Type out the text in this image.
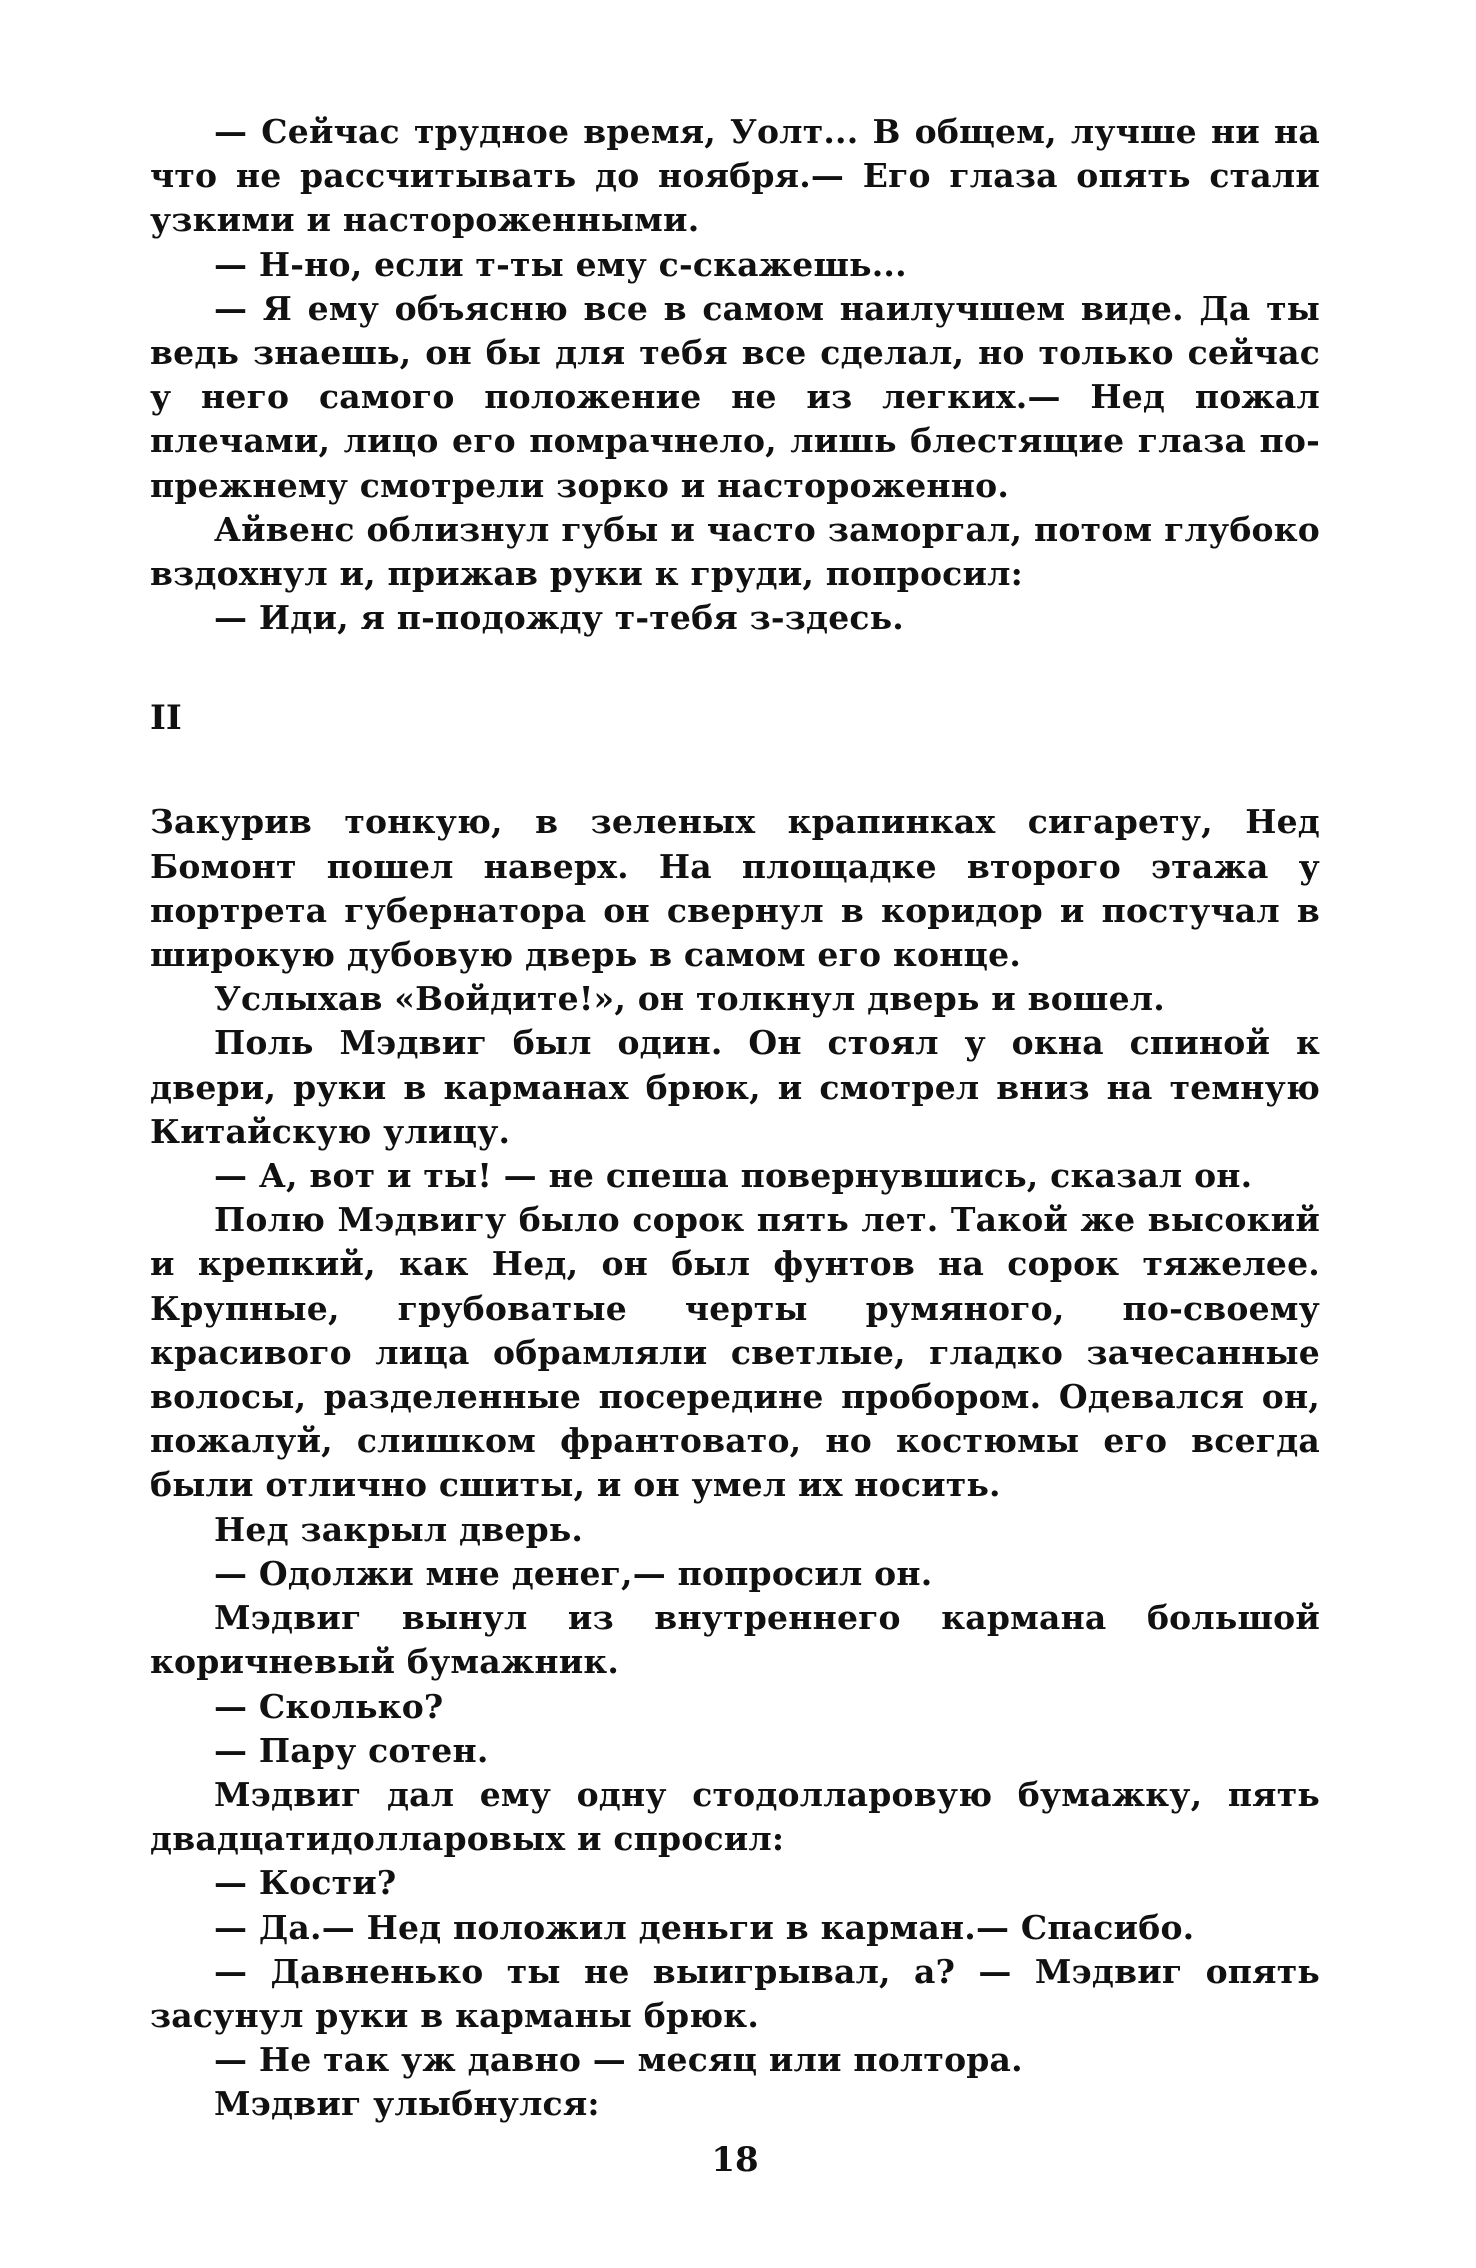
— Сейчас трудное время, Уолт... В общем, лучше ни на что не рассчитывать до ноября.— Его глаза опять стали узкими и настороженными.

— Н-но, если т-ты ему с-скажешь...

— Я ему объясню все в самом наилучшем виде. Да ты ведь знаешь, он бы для тебя все сделал, но только сейчас у него самого положение не из легких.— Нед пожал плечами, лицо его помрачнело, лишь блестящие глаза по-прежнему смотрели зорко и настороженно.

Айвенс облизнул губы и часто заморгал, потом глубоко вздохнул и, прижав руки к груди, попросил:

— Иди, я п-подожду т-тебя з-здесь.

II

Закурив тонкую, в зеленых крапинках сигарету, Нед Бомонт пошел наверх. На площадке второго этажа у портрета губернатора он свернул в коридор и постучал в широкую дубовую дверь в самом его конце.

Услыхав «Войдите!», он толкнул дверь и вошел.

Поль Мэдвиг был один. Он стоял у окна спиной к двери, руки в карманах брюк, и смотрел вниз на темную Китайскую улицу.

— А, вот и ты! — не спеша повернувшись, сказал он.

Полю Мэдвигу было сорок пять лет. Такой же высокий и крепкий, как Нед, он был фунтов на сорок тяжелее. Крупные, грубоватые черты румяного, по-своему красивого лица обрамляли светлые, гладко зачесанные волосы, разделенные посередине пробором. Одевался он, пожалуй, слишком франтовато, но костюмы его всегда были отлично сшиты, и он умел их носить.

Нед закрыл дверь.

— Одолжи мне денег,— попросил он.

Мэдвиг вынул из внутреннего кармана большой коричневый бумажник.

— Сколько?

— Пару сотен.

Мэдвиг дал ему одну стодолларовую бумажку, пять двадцатидолларовых и спросил:

— Кости?

— Да.— Нед положил деньги в карман.— Спасибо.

— Давненько ты не выигрывал, а? — Мэдвиг опять засунул руки в карманы брюк.

— Не так уж давно — месяц или полтора.

Мэдвиг улыбнулся:

18
